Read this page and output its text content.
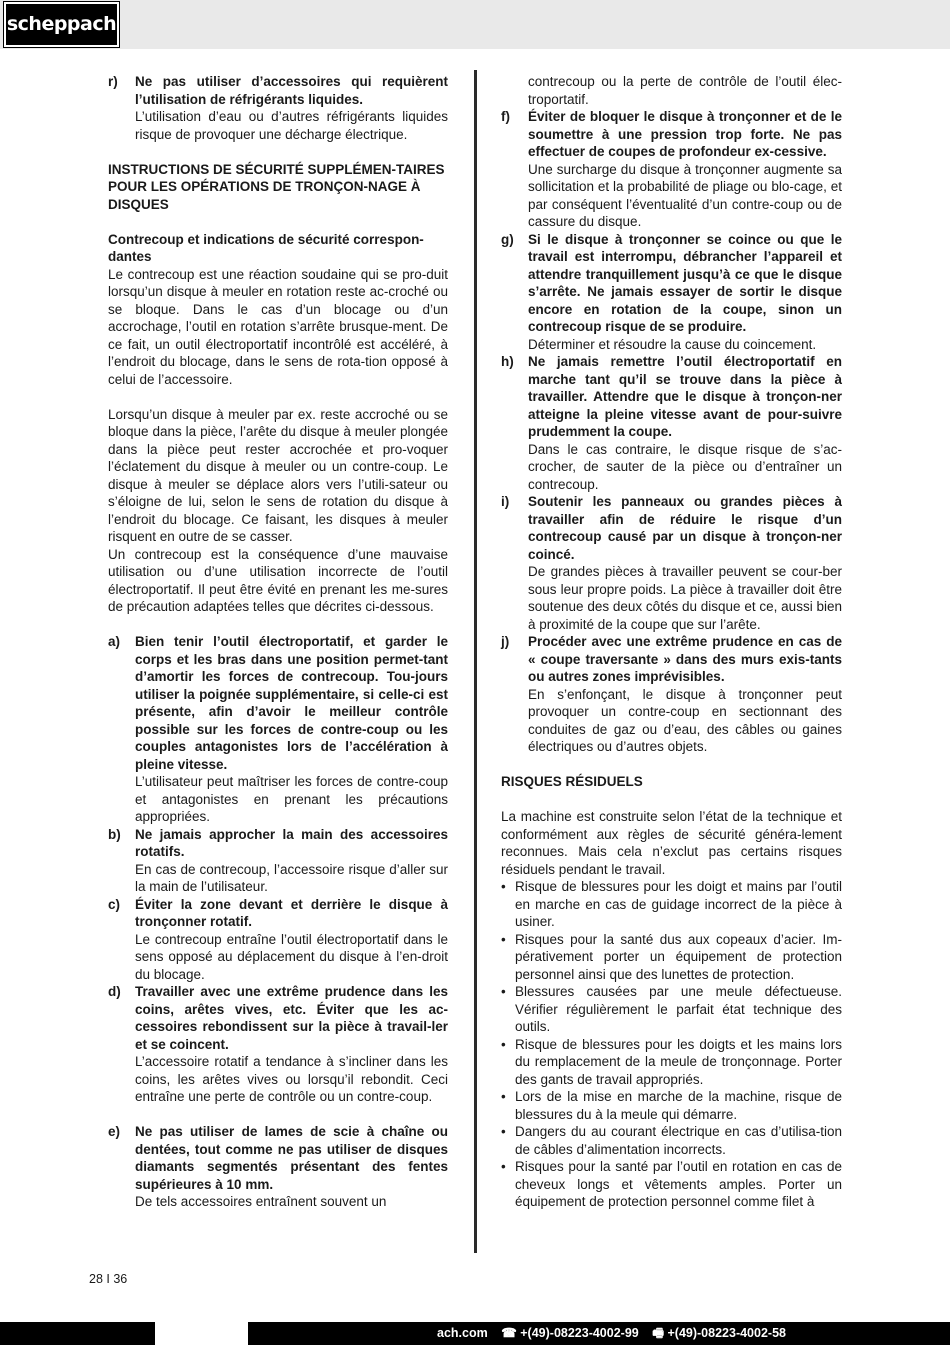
scheppach
r)	Ne pas utiliser d’accessoires qui requièrent l’utilisation de réfrigérants liquides.

L’utilisation d’eau ou d’autres réfrigérants liquides risque de provoquer une décharge électrique.

INSTRUCTIONS DE SÉCURITÉ SUPPLÉMEN-TAIRES POUR LES OPÉRATIONS DE TRONÇON-NAGE À DISQUES

Contrecoup et indications de sécurité correspon-dantes

Le contrecoup est une réaction soudaine qui se pro-duit lorsqu’un disque à meuler en rotation reste ac-croché ou se bloque. Dans le cas d’un blocage ou d’un accrochage, l’outil en rotation s’arrête brusque-ment. De ce fait, un outil électroportatif incontrôlé est accéléré, à l’endroit du blocage, dans le sens de rota-tion opposé à celui de l’accessoire.

Lorsqu’un disque à meuler par ex. reste accroché ou se bloque dans la pièce, l’arête du disque à meuler plongée dans la pièce peut rester accrochée et pro-voquer l’éclatement du disque à meuler ou un contre-coup. Le disque à meuler se déplace alors vers l’utili-sateur ou s’éloigne de lui, selon le sens de rotation du disque à l’endroit du blocage. Ce faisant, les disques à meuler risquent en outre de se casser.

Un contrecoup est la conséquence d’une mauvaise utilisation ou d’une utilisation incorrecte de l’outil électroportatif. Il peut être évité en prenant les me-sures de précaution adaptées telles que décrites ci-dessous.

a)	Bien tenir l’outil électroportatif, et garder le corps et les bras dans une position permet-tant d’amortir les forces de contrecoup. Tou-jours utiliser la poignée supplémentaire, si celle-ci est présente, afin d’avoir le meilleur contrôle possible sur les forces de contre-coup ou les couples antagonistes lors de l’accélération à pleine vitesse.

L’utilisateur peut maîtriser les forces de contre-coup et antagonistes en prenant les précautions appropriées.

b)	Ne jamais approcher la main des accessoires rotatifs.

En cas de contrecoup, l’accessoire risque d’aller sur la main de l’utilisateur.

c)	Éviter la zone devant et derrière le disque à tronçonner rotatif.

Le contrecoup entraîne l’outil électroportatif dans le sens opposé au déplacement du disque à l’en-droit du blocage.

d)	Travailler avec une extrême prudence dans les coins, arêtes vives, etc. Éviter que les ac-cessoires rebondissent sur la pièce à travail-ler et se coincent.

L’accessoire rotatif a tendance à s’incliner dans les coins, les arêtes vives ou lorsqu’il rebondit. Ceci entraîne une perte de contrôle ou un contre-coup.

e)	Ne pas utiliser de lames de scie à chaîne ou dentées, tout comme ne pas utiliser de disques diamants segmentés présentant des fentes supérieures à 10 mm.

De tels accessoires entraînent souvent un

contrecoup ou la perte de contrôle de l’outil élec-troportatif.

f)	Éviter de bloquer le disque à tronçonner et de le soumettre à une pression trop forte. Ne pas effectuer de coupes de profondeur ex-cessive.

Une surcharge du disque à tronçonner augmente sa sollicitation et la probabilité de pliage ou blo-cage, et par conséquent l’éventualité d’un contre-coup ou de cassure du disque.

g)	Si le disque à tronçonner se coince ou que le travail est interrompu, débrancher l’appareil et attendre tranquillement jusqu’à ce que le disque s’arrête. Ne jamais essayer de sortir le disque encore en rotation de la coupe, sinon un contrecoup risque de se produire.

Déterminer et résoudre la cause du coincement.

h)	Ne jamais remettre l’outil électroportatif en marche tant qu’il se trouve dans la pièce à travailler. Attendre que le disque à tronçon-ner atteigne la pleine vitesse avant de pour-suivre prudemment la coupe.

Dans le cas contraire, le disque risque de s’ac-crocher, de sauter de la pièce ou d’entraîner un contrecoup.

i)	Soutenir les panneaux ou grandes pièces à travailler afin de réduire le risque d’un contrecoup causé par un disque à tronçon-ner coincé.

De grandes pièces à travailler peuvent se cour-ber sous leur propre poids. La pièce à travailler doit être soutenue des deux côtés du disque et ce, aussi bien à proximité de la coupe que sur l’arête.

j)	Procéder avec une extrême prudence en cas de « coupe traversante » dans des murs exis-tants ou autres zones imprévisibles.

En s’enfonçant, le disque à tronçonner peut provoquer un contre-coup en sectionnant des conduites de gaz ou d’eau, des câbles ou gaines électriques ou d’autres objets.

RISQUES RÉSIDUELS

La machine est construite selon l’état de la technique et conformément aux règles de sécurité généra-lement reconnues. Mais cela n’exclut pas certains risques résiduels pendant le travail.

• Risque de blessures pour les doigt et mains par l’outil en marche en cas de guidage incorrect de la pièce à usiner.
• Risques pour la santé dus aux copeaux d’acier. Im-pérativement porter un équipement de protection personnel ainsi que des lunettes de protection.
• Blessures causées par une meule défectueuse. Vérifier régulièrement le parfait état technique des outils.
• Risque de blessures pour les doigts et les mains lors du remplacement de la meule de tronçonnage. Porter des gants de travail appropriés.
• Lors de la mise en marche de la machine, risque de blessures du à la meule qui démarre.
• Dangers du au courant électrique en cas d’utilisa-tion de câbles d’alimentation incorrects.
• Risques pour la santé par l’outil en rotation en cas de cheveux longs et vêtements amples. Porter un équipement de protection personnel comme filet à
28 I 36
ach.com ☎ +(49)-08223-4002-99 🖷 +(49)-08223-4002-58
